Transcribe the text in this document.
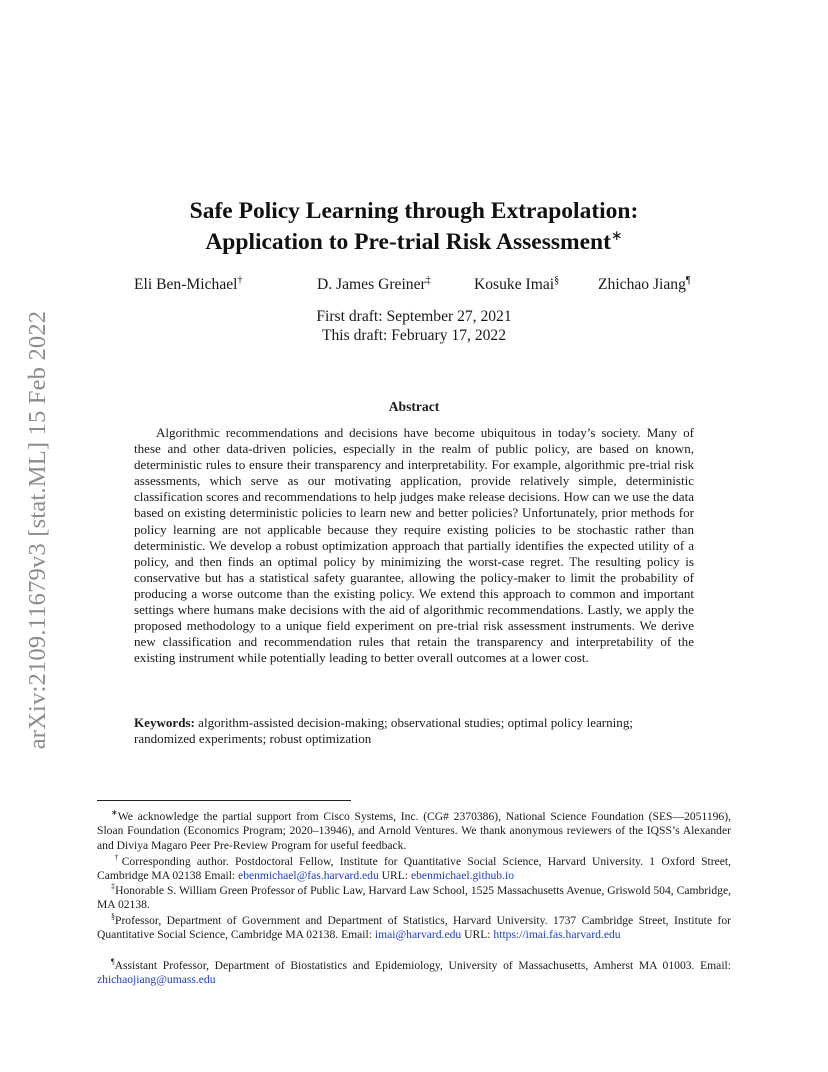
arXiv:2109.11679v3 [stat.ML] 15 Feb 2022
Safe Policy Learning through Extrapolation:
Application to Pre-trial Risk Assessment∗
Eli Ben-Michael†	D. James Greiner‡	Kosuke Imai§ Zhichao Jiang¶
First draft: September 27, 2021
This draft: February 17, 2022
Abstract
Algorithmic recommendations and decisions have become ubiquitous in today’s society. Many of these and other data-driven policies, especially in the realm of public policy, are based on known, deterministic rules to ensure their transparency and interpretability. For example, algorithmic pre-trial risk assessments, which serve as our motivating application, provide relatively simple, deterministic classification scores and recommendations to help judges make release decisions. How can we use the data based on existing deterministic policies to learn new and better policies? Unfortunately, prior methods for policy learning are not applicable because they require existing policies to be stochastic rather than deterministic. We develop a robust optimization approach that partially identifies the expected utility of a policy, and then finds an optimal policy by minimizing the worst-case regret. The resulting policy is conservative but has a statistical safety guarantee, allowing the policy-maker to limit the probability of producing a worse outcome than the existing policy. We extend this approach to common and important settings where humans make decisions with the aid of algorithmic recommendations. Lastly, we apply the proposed methodology to a unique field experiment on pre-trial risk assessment instruments. We derive new classification and recommendation rules that retain the transparency and interpretability of the existing instrument while potentially leading to better overall outcomes at a lower cost.
Keywords: algorithm-assisted decision-making; observational studies; optimal policy learning; randomized experiments; robust optimization
∗We acknowledge the partial support from Cisco Systems, Inc. (CG# 2370386), National Science Foundation (SES—2051196), Sloan Foundation (Economics Program; 2020–13946), and Arnold Ventures. We thank anonymous reviewers of the IQSS’s Alexander and Diviya Magaro Peer Pre-Review Program for useful feedback.
†Corresponding author. Postdoctoral Fellow, Institute for Quantitative Social Science, Harvard University. 1 Oxford Street, Cambridge MA 02138 Email: ebenmichael@fas.harvard.edu URL: ebenmichael.github.io
‡Honorable S. William Green Professor of Public Law, Harvard Law School, 1525 Massachusetts Avenue, Griswold 504, Cambridge, MA 02138.
§Professor, Department of Government and Department of Statistics, Harvard University. 1737 Cambridge Street, Institute for Quantitative Social Science, Cambridge MA 02138. Email: imai@harvard.edu URL: https://imai.fas.harvard.edu
¶Assistant Professor, Department of Biostatistics and Epidemiology, University of Massachusetts, Amherst MA 01003. Email: zhichaojiang@umass.edu
